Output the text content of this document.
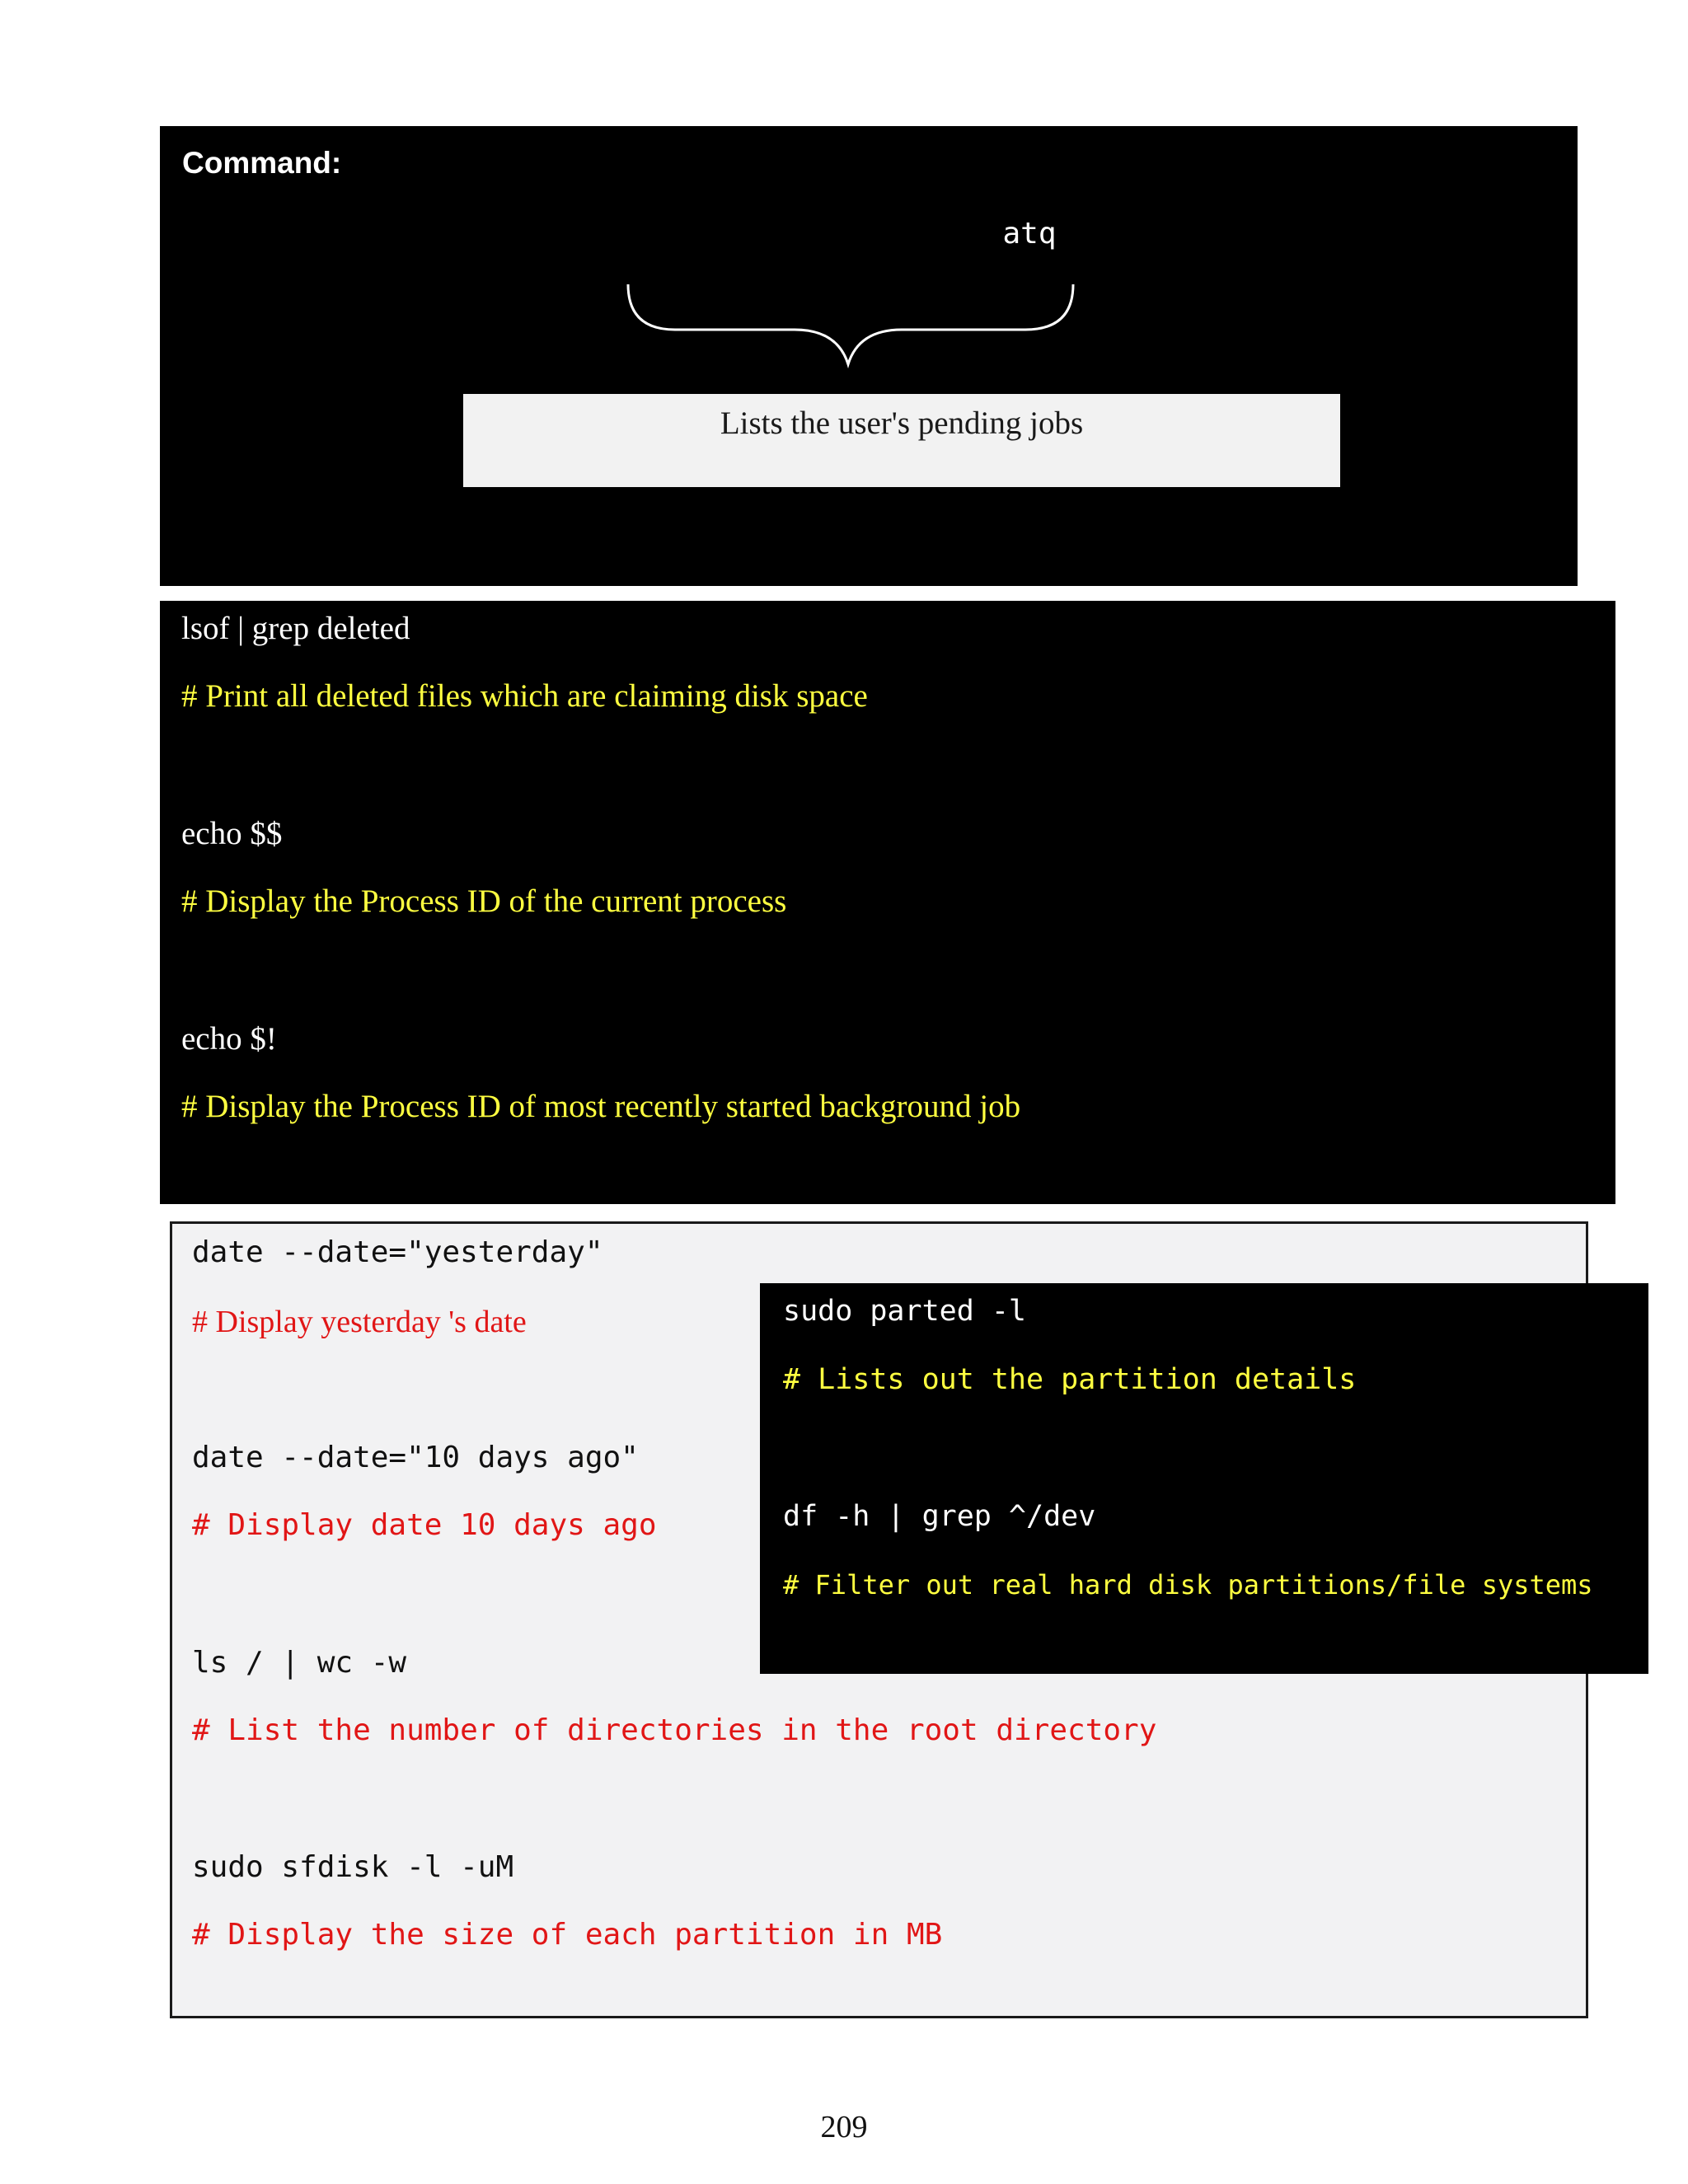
Command:
atq
Lists the user's pending jobs
lsof | grep deleted
# Print all deleted files which are claiming disk space
echo $$
# Display the Process ID of the current process
echo $!
# Display the Process ID of most recently started background job
date --date="yesterday"
# Display yesterday 's date
date --date="10 days ago"
# Display date 10 days ago
ls / | wc -w
# List the number of directories in the root directory
sudo sfdisk -l -uM
# Display the size of each partition in MB
sudo parted -l
# Lists out the partition details
df -h | grep ^/dev
# Filter out real hard disk partitions/file systems
209
